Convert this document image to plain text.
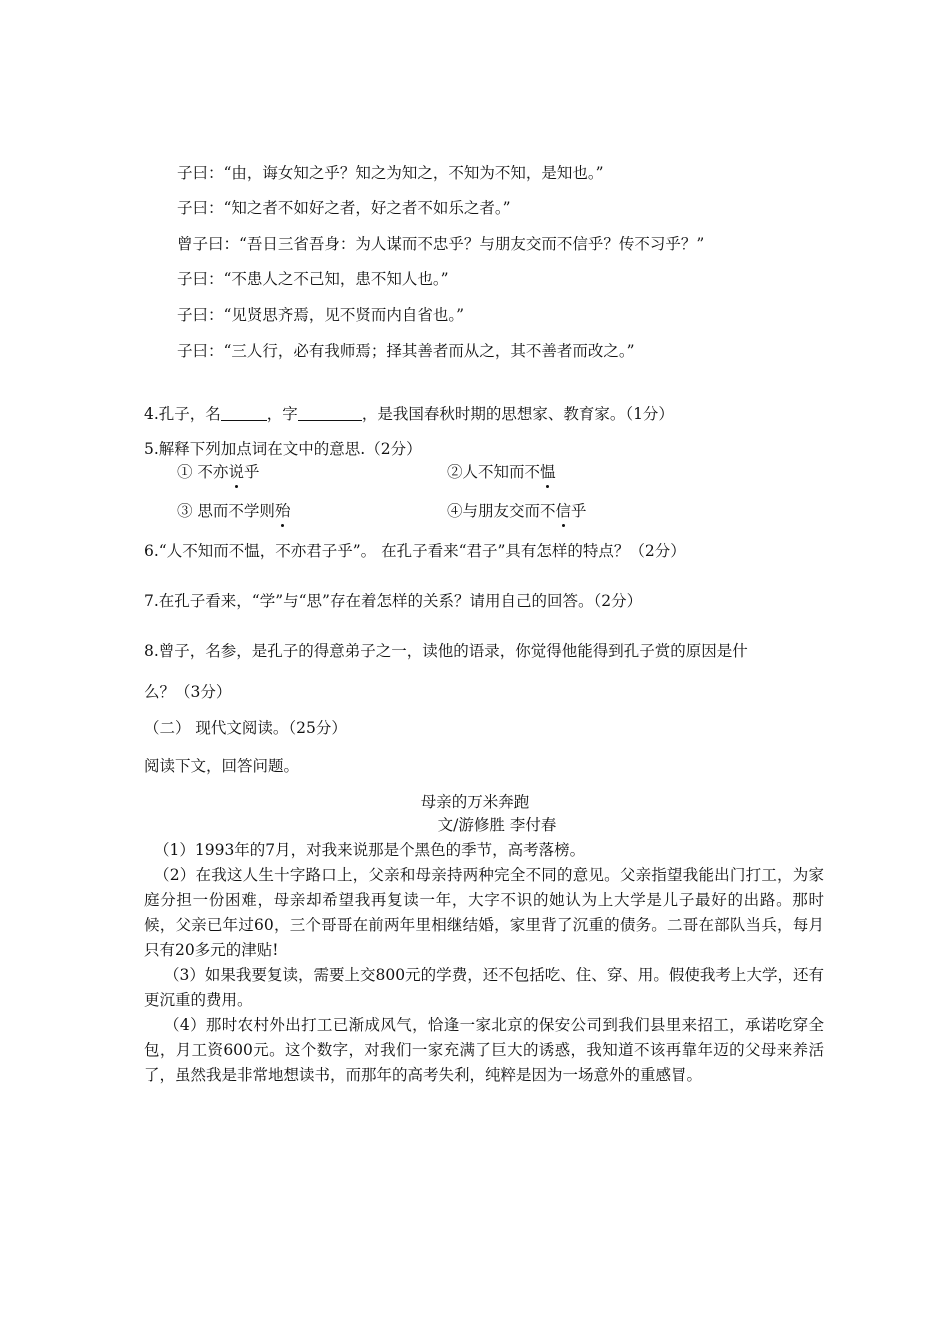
子曰：“由，诲女知之乎？知之为知之，不知为不知，是知也。”
子曰：“知之者不如好之者，好之者不如乐之者。”
曾子曰：“吾日三省吾身：为人谋而不忠乎？与朋友交而不信乎？传不习乎？”
子曰：“不患人之不己知，患不知人也。”
子曰：“见贤思齐焉，见不贤而内自省也。”
子曰：“三人行，必有我师焉；择其善者而从之，其不善者而改之。”
4.孔子，名	，字	，是我国春秋时期的思想家、教育家。（1分）
5.解释下列加点词在文中的意思.（2分）
① 不亦说乎	②人不知而不愠
③ 思而不学则殆	④与朋友交而不信乎
6.“人不知而不愠，不亦君子乎”。 在孔子看来“君子”具有怎样的特点？（2分）
7.在孔子看来，“学”与“思”存在着怎样的关系？请用自己的回答。（2分）
8.曾子，名参，是孔子的得意弟子之一，读他的语录，你觉得他能得到孔子赏的原因是什
么？（3分）
（二） 现代文阅读。（25分）
阅读下文，回答问题。
母亲的万米奔跑
文/游修胜 李付春

（1）1993年的7月，对我来说那是个黑色的季节，高考落榜。

（2）在我这人生十字路口上，父亲和母亲持两种完全不同的意见。父亲指望我能出门打工，为家庭分担一份困难，母亲却希望我再复读一年，大字不识的她认为上大学是儿子最好的出路。那时候，父亲已年过60，三个哥哥在前两年里相继结婚，家里背了沉重的债务。二哥在部队当兵，每月只有20多元的津贴!

（3）如果我要复读，需要上交800元的学费，还不包括吃、住、穿、用。假使我考上大学，还有更沉重的费用。

（4）那时农村外出打工已渐成风气，恰逢一家北京的保安公司到我们县里来招工，承诺吃穿全包，月工资600元。这个数字，对我们一家充满了巨大的诱惑，我知道不该再靠年迈的父母来养活了，虽然我是非常地想读书，而那年的高考失利，纯粹是因为一场意外的重感冒。
